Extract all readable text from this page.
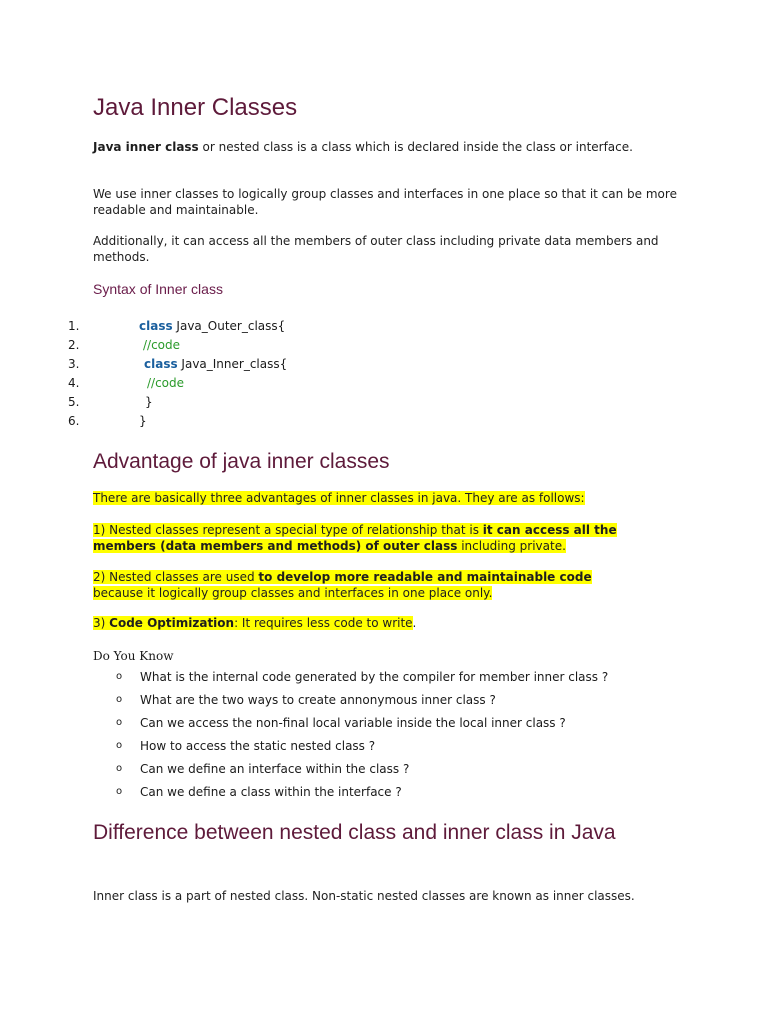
Java Inner Classes

Java inner class or nested class is a class which is declared inside the class or interface.

We use inner classes to logically group classes and interfaces in one place so that it can be more readable and maintainable.

Additionally, it can access all the members of outer class including private data members and methods.

Syntax of Inner class
1.	class Java_Outer_class{
2.	//code
3.	class Java_Inner_class{
4.	//code
5.	}
6.	}
Advantage of java inner classes

There are basically three advantages of inner classes in java. They are as follows:

1) Nested classes represent a special type of relationship that is it can access all the members (data members and methods) of outer class including private.

2) Nested classes are used to develop more readable and maintainable code because it logically group classes and interfaces in one place only.

3) Code Optimization: It requires less code to write.

Do You Know
o What is the internal code generated by the compiler for member inner class ?
o What are the two ways to create annonymous inner class ?
o Can we access the non-final local variable inside the local inner class ?
o How to access the static nested class ?
o Can we define an interface within the class ?
o Can we define a class within the interface ?
Difference between nested class and inner class in Java

Inner class is a part of nested class. Non-static nested classes are known as inner classes.
